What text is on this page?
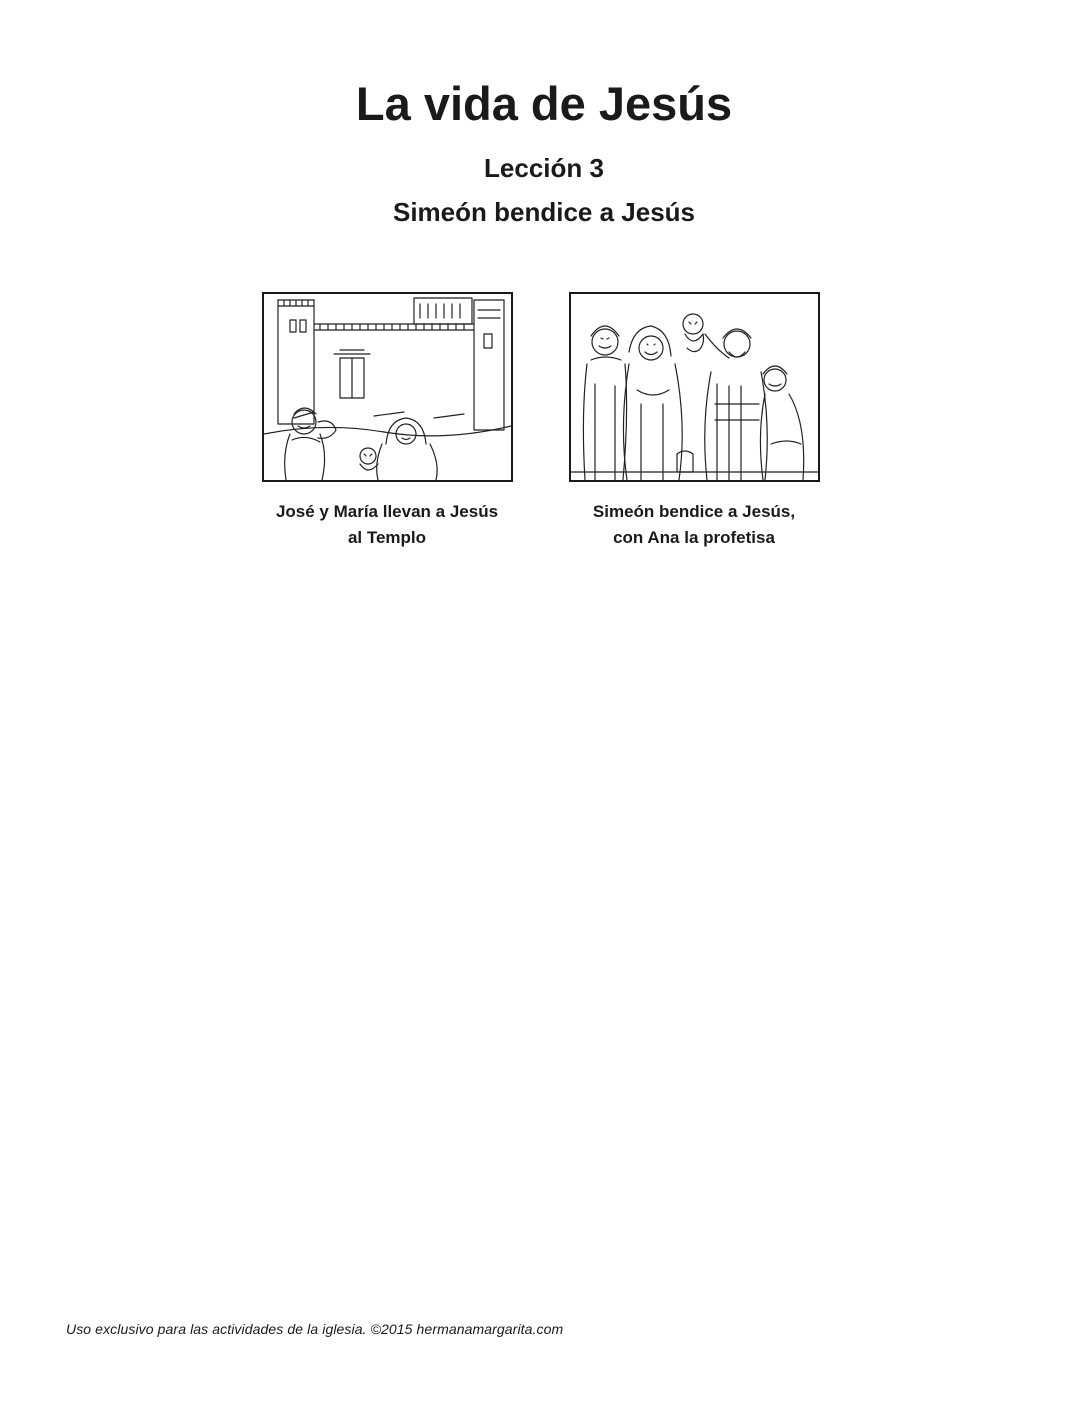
La vida de Jesús
Lección 3
Simeón bendice a Jesús
José y María llevan a Jesús
al Templo
Simeón bendice a Jesús,
con Ana la profetisa
Uso exclusivo para las actividades de la iglesia. ©2015 hermanamargarita.com
